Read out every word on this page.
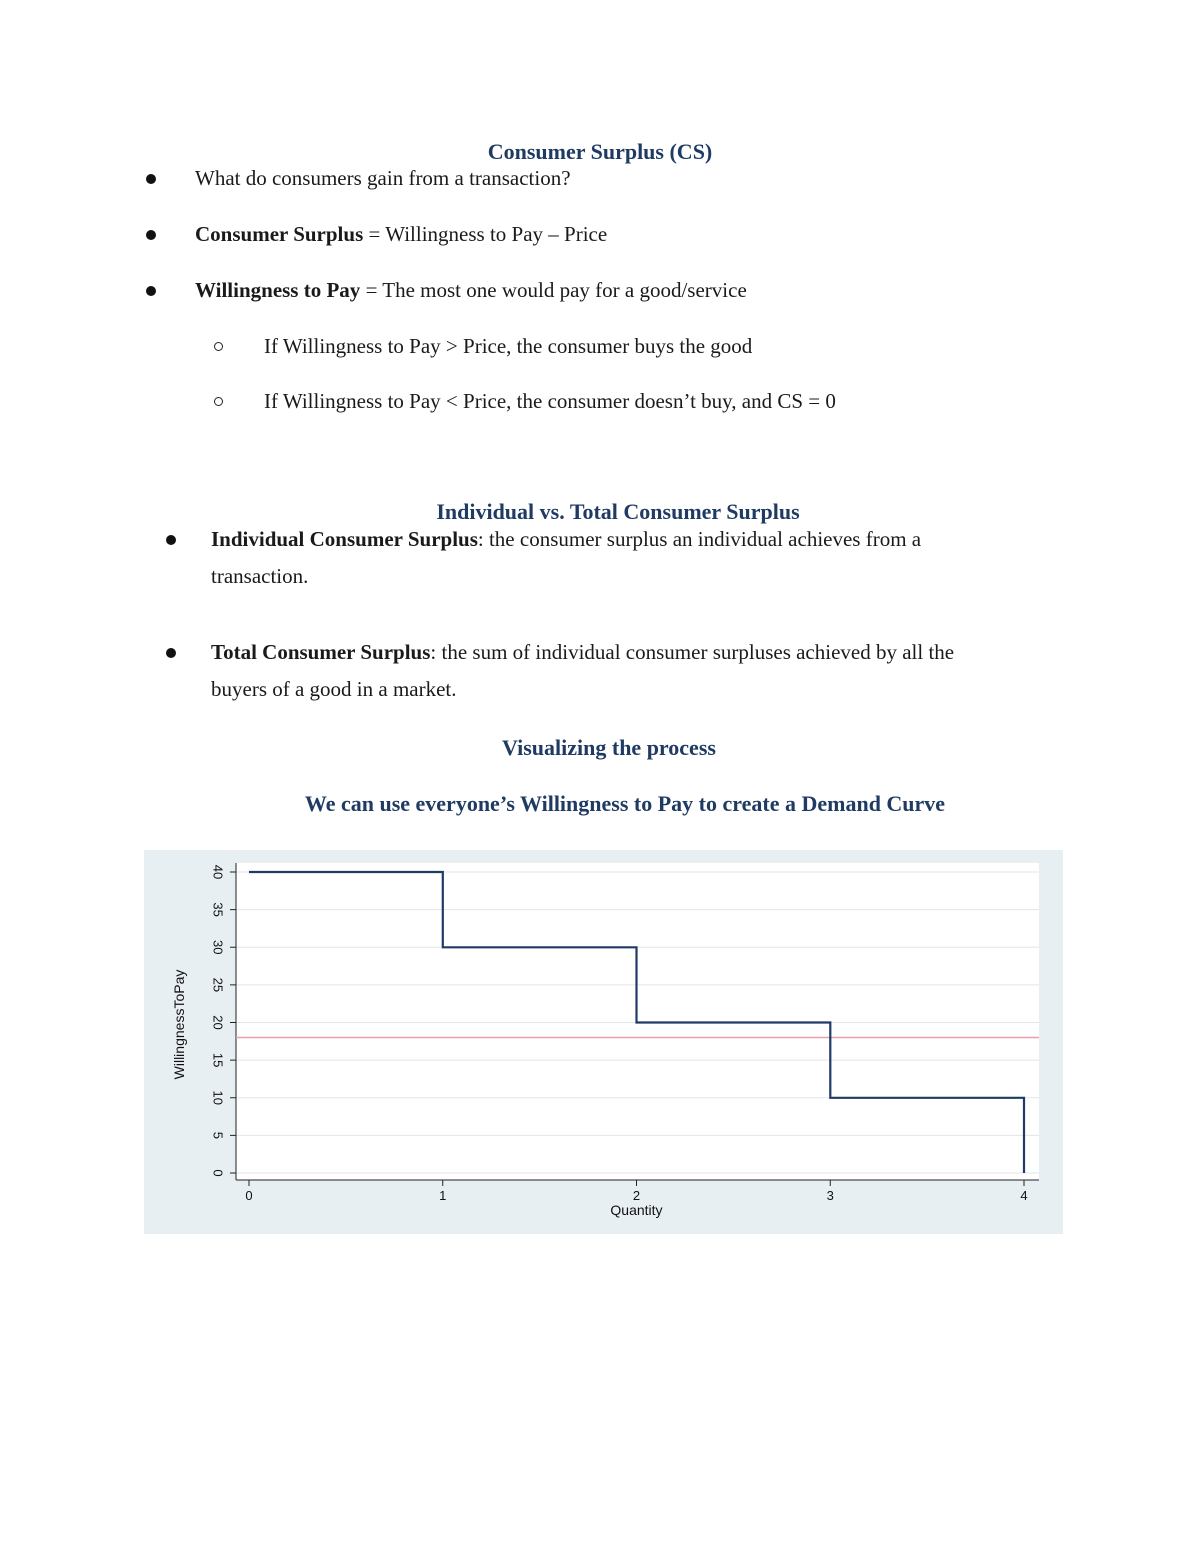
Consumer Surplus (CS)

What do consumers gain from a transaction?

Consumer Surplus = Willingness to Pay – Price

Willingness to Pay = The most one would pay for a good/service

If Willingness to Pay > Price, the consumer buys the good

If Willingness to Pay < Price, the consumer doesn’t buy, and CS = 0

Individual vs. Total Consumer Surplus

Individual Consumer Surplus: the consumer surplus an individual achieves from a
transaction.

Total Consumer Surplus: the sum of individual consumer surpluses achieved by all the
buyers of a good in a market.

Visualizing the process
We can use everyone’s Willingness to Pay to create a Demand Curve
0
5
10
15
20
25
30
35
40
0	1	2	3	4
Quantity
WillingnessToPay
